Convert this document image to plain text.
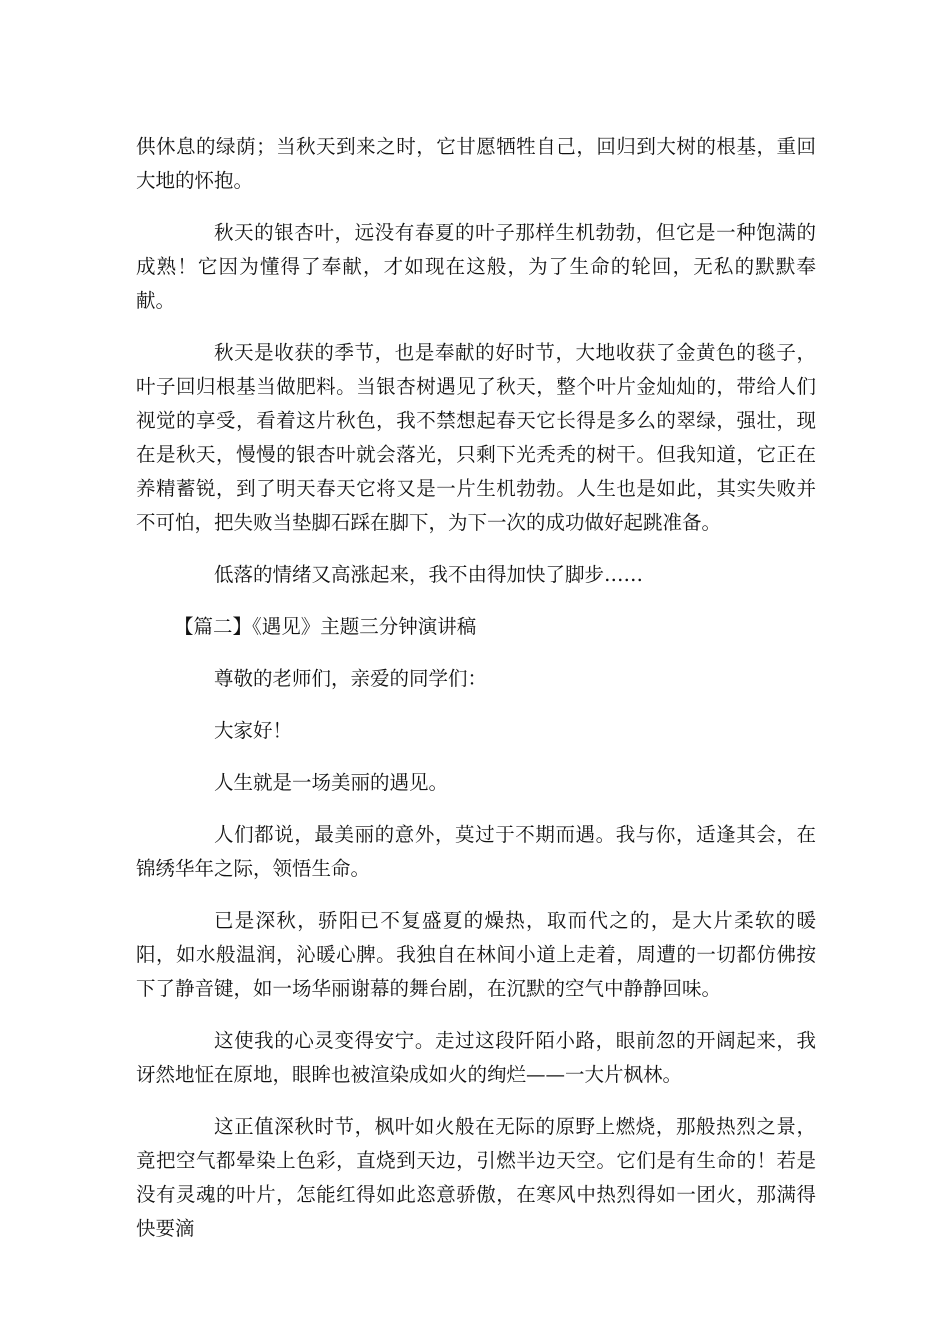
供休息的绿荫；当秋天到来之时，它甘愿牺牲自己，回归到大树的根基，重回大地的怀抱。

秋天的银杏叶，远没有春夏的叶子那样生机勃勃，但它是一种饱满的成熟！它因为懂得了奉献，才如现在这般，为了生命的轮回，无私的默默奉献。

秋天是收获的季节，也是奉献的好时节，大地收获了金黄色的毯子，叶子回归根基当做肥料。当银杏树遇见了秋天，整个叶片金灿灿的，带给人们视觉的享受，看着这片秋色，我不禁想起春天它长得是多么的翠绿，强壮，现在是秋天，慢慢的银杏叶就会落光，只剩下光秃秃的树干。但我知道，它正在养精蓄锐，到了明天春天它将又是一片生机勃勃。人生也是如此，其实失败并不可怕，把失败当垫脚石踩在脚下，为下一次的成功做好起跳准备。

低落的情绪又高涨起来，我不由得加快了脚步……

【篇二】《遇见》主题三分钟演讲稿

尊敬的老师们，亲爱的同学们：

大家好！

人生就是一场美丽的遇见。

人们都说，最美丽的意外，莫过于不期而遇。我与你，适逢其会，在锦绣华年之际，领悟生命。

已是深秋，骄阳已不复盛夏的燥热，取而代之的，是大片柔软的暖阳，如水般温润，沁暖心脾。我独自在林间小道上走着，周遭的一切都仿佛按下了静音键，如一场华丽谢幕的舞台剧，在沉默的空气中静静回味。

这使我的心灵变得安宁。走过这段阡陌小路，眼前忽的开阔起来，我讶然地怔在原地，眼眸也被渲染成如火的绚烂——一大片枫林。

这正值深秋时节，枫叶如火般在无际的原野上燃烧，那般热烈之景，竟把空气都晕染上色彩，直烧到天边，引燃半边天空。它们是有生命的！若是没有灵魂的叶片，怎能红得如此恣意骄傲，在寒风中热烈得如一团火，那满得快要滴
